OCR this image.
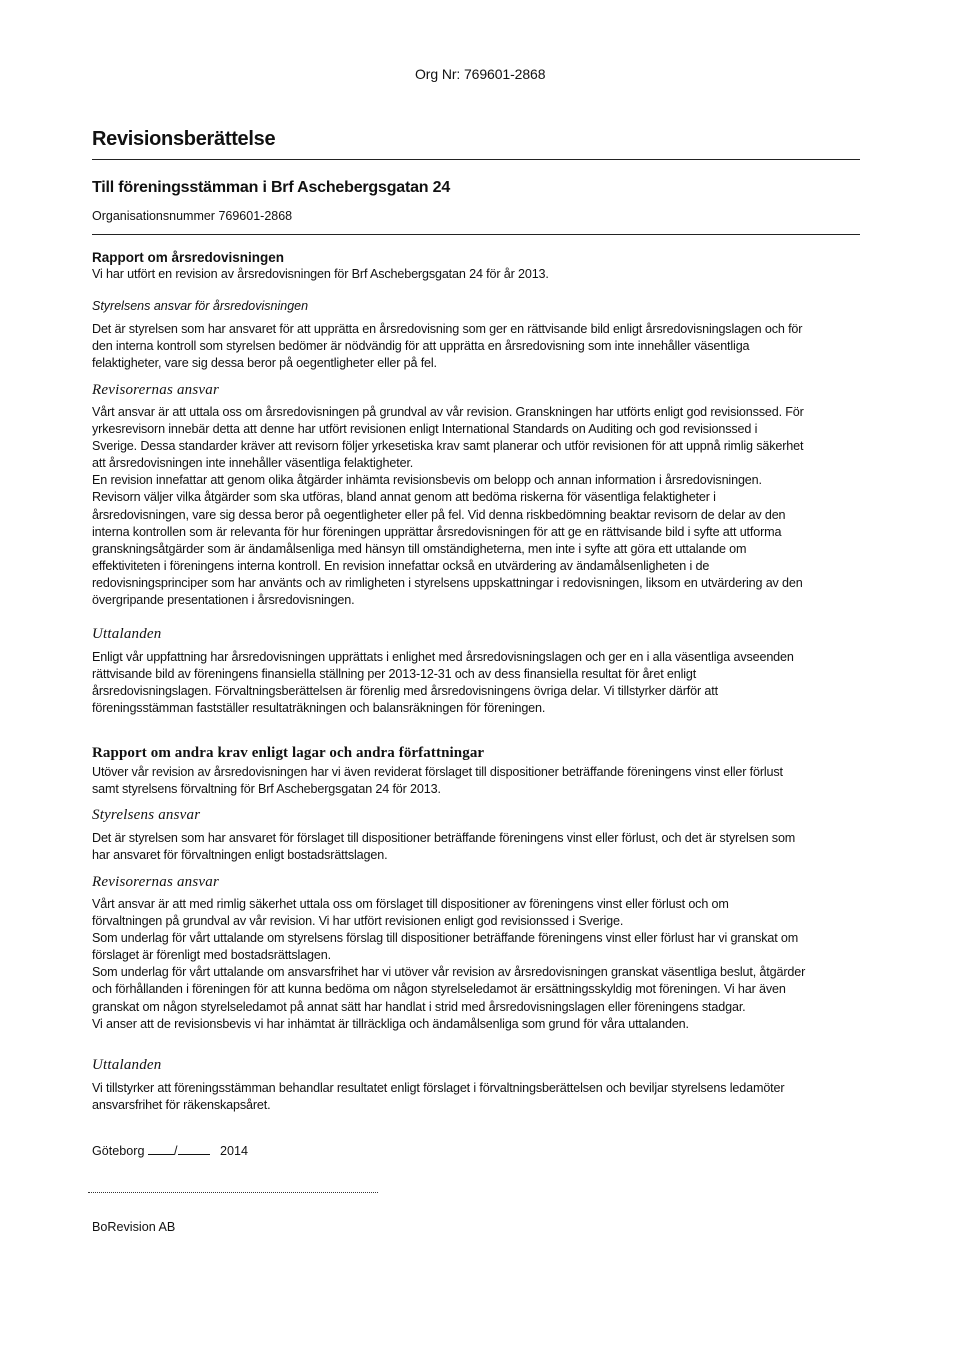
Org Nr: 769601-2868
Revisionsberättelse
Till föreningsstämman i Brf Aschebergsgatan 24
Organisationsnummer 769601-2868
Rapport om årsredovisningen
Vi har utfört en revision av årsredovisningen för Brf Aschebergsgatan 24 för år 2013.
Styrelsens ansvar för årsredovisningen
Det är styrelsen som har ansvaret för att upprätta en årsredovisning som ger en rättvisande bild enligt årsredovisningslagen och för
den interna kontroll som styrelsen bedömer är nödvändig för att upprätta en årsredovisning som inte innehåller väsentliga
felaktigheter, vare sig dessa beror på oegentligheter eller på fel.
Revisorernas ansvar
Vårt ansvar är att uttala oss om årsredovisningen på grundval av vår revision. Granskningen har utförts enligt god revisionssed. För
yrkesrevisorn innebär detta att denne har utfört revisionen enligt International Standards on Auditing och god revisionssed i
Sverige. Dessa standarder kräver att revisorn följer yrkesetiska krav samt planerar och utför revisionen för att uppnå rimlig säkerhet
att årsredovisningen inte innehåller väsentliga felaktigheter.
En revision innefattar att genom olika åtgärder inhämta revisionsbevis om belopp och annan information i årsredovisningen.
Revisorn väljer vilka åtgärder som ska utföras, bland annat genom att bedöma riskerna för väsentliga felaktigheter i
årsredovisningen, vare sig dessa beror på oegentligheter eller på fel. Vid denna riskbedömning beaktar revisorn de delar av den
interna kontrollen som är relevanta för hur föreningen upprättar årsredovisningen för att ge en rättvisande bild i syfte att utforma
granskningsåtgärder som är ändamålsenliga med hänsyn till omständigheterna, men inte i syfte att göra ett uttalande om
effektiviteten i föreningens interna kontroll. En revision innefattar också en utvärdering av ändamålsenligheten i de
redovisningsprinciper som har använts och av rimligheten i styrelsens uppskattningar i redovisningen, liksom en utvärdering av den
övergripande presentationen i årsredovisningen.
Uttalanden
Enligt vår uppfattning har årsredovisningen upprättats i enlighet med årsredovisningslagen och ger en i alla väsentliga avseenden
rättvisande bild av föreningens finansiella ställning per 2013-12-31 och av dess finansiella resultat för året enligt
årsredovisningslagen. Förvaltningsberättelsen är förenlig med årsredovisningens övriga delar. Vi tillstyrker därför att
föreningsstämman fastställer resultaträkningen och balansräkningen för föreningen.
Rapport om andra krav enligt lagar och andra författningar
Utöver vår revision av årsredovisningen har vi även reviderat förslaget till dispositioner beträffande föreningens vinst eller förlust
samt styrelsens förvaltning för Brf Aschebergsgatan 24 för 2013.
Styrelsens ansvar
Det är styrelsen som har ansvaret för förslaget till dispositioner beträffande föreningens vinst eller förlust, och det är styrelsen som
har ansvaret för förvaltningen enligt bostadsrättslagen.
Revisorernas ansvar
Vårt ansvar är att med rimlig säkerhet uttala oss om förslaget till dispositioner av föreningens vinst eller förlust och om
förvaltningen på grundval av vår revision. Vi har utfört revisionen enligt god revisionssed i Sverige.
Som underlag för vårt uttalande om styrelsens förslag till dispositioner beträffande föreningens vinst eller förlust har vi granskat om
förslaget är förenligt med bostadsrättslagen.
Som underlag för vårt uttalande om ansvarsfrihet har vi utöver vår revision av årsredovisningen granskat väsentliga beslut, åtgärder
och förhållanden i föreningen för att kunna bedöma om någon styrelseledamot är ersättningsskyldig mot föreningen. Vi har även
granskat om någon styrelseledamot på annat sätt har handlat i strid med årsredovisningslagen eller föreningens stadgar.
Vi anser att de revisionsbevis vi har inhämtat är tillräckliga och ändamålsenliga som grund för våra uttalanden.
Uttalanden
Vi tillstyrker att föreningsstämman behandlar resultatet enligt förslaget i förvaltningsberättelsen och beviljar styrelsens ledamöter
ansvarsfrihet för räkenskapsåret.
Göteborg /	2014
BoRevision AB
